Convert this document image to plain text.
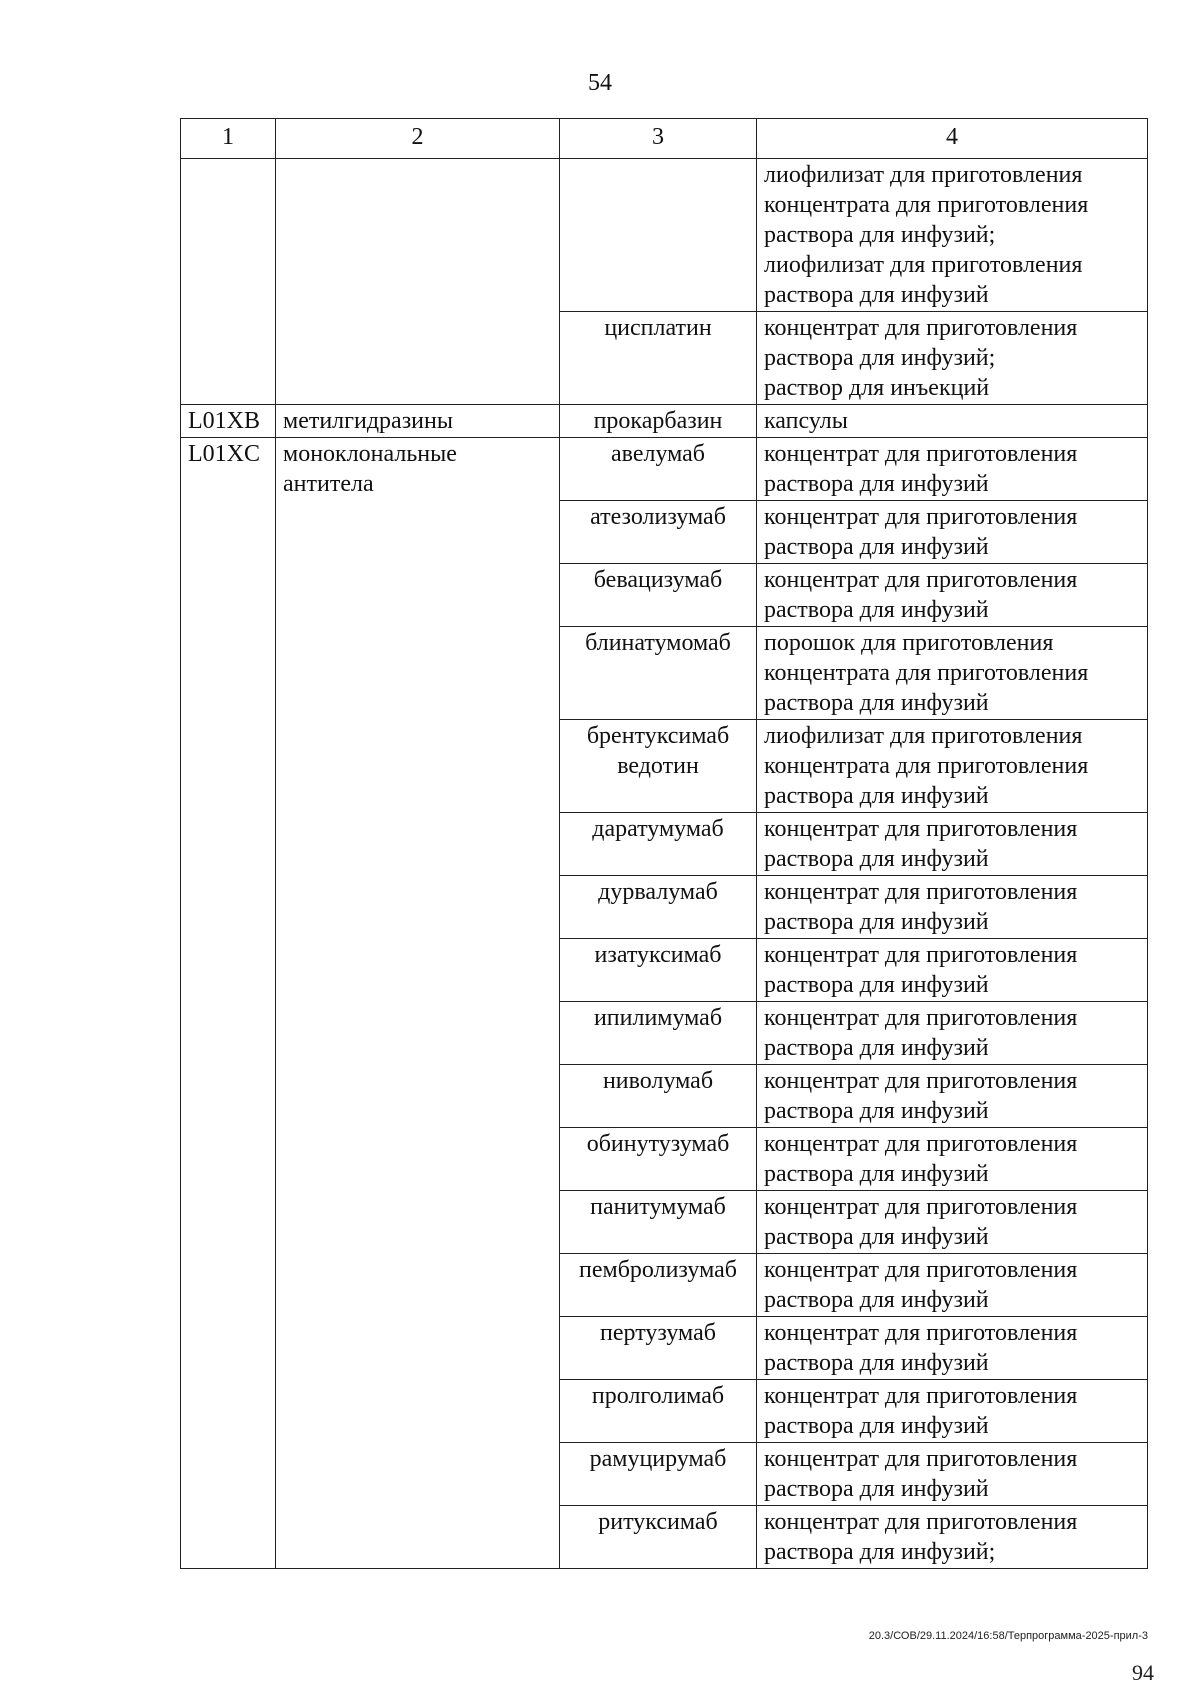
54
1	2	3	4

			лиофилизат для приготовления
концентрата для приготовления
раствора для инфузий;
лиофилизат для приготовления
раствора для инфузий

		цисплатин	концентрат для приготовления
раствора для инфузий;
раствор для инъекций

L01XB	метилгидразины	прокарбазин	капсулы
L01XC	моноклональные антитела	авелумаб	концентрат для приготовления
раствора для инфузий

		атезолизумаб	концентрат для приготовления
раствора для инфузий

		бевацизумаб	концентрат для приготовления
раствора для инфузий

		блинатумомаб	порошок для приготовления
концентрата для приготовления
раствора для инфузий

		брентуксимаб ведотин	лиофилизат для приготовления
концентрата для приготовления
раствора для инфузий

		даратумумаб	концентрат для приготовления
раствора для инфузий

		дурвалумаб	концентрат для приготовления
раствора для инфузий

		изатуксимаб	концентрат для приготовления
раствора для инфузий

		ипилимумаб	концентрат для приготовления
раствора для инфузий

		ниволумаб	концентрат для приготовления
раствора для инфузий

		обинутузумаб	концентрат для приготовления
раствора для инфузий

		панитумумаб	концентрат для приготовления
раствора для инфузий

		пембролизумаб	концентрат для приготовления
раствора для инфузий

		пертузумаб	концентрат для приготовления
раствора для инфузий

		пролголимаб	концентрат для приготовления
раствора для инфузий

		рамуцирумаб	концентрат для приготовления
раствора для инфузий

		ритуксимаб	концентрат для приготовления
раствора для инфузий;
20.3/СОВ/29.11.2024/16:58/Терпрограмма-2025-прил-3
94
